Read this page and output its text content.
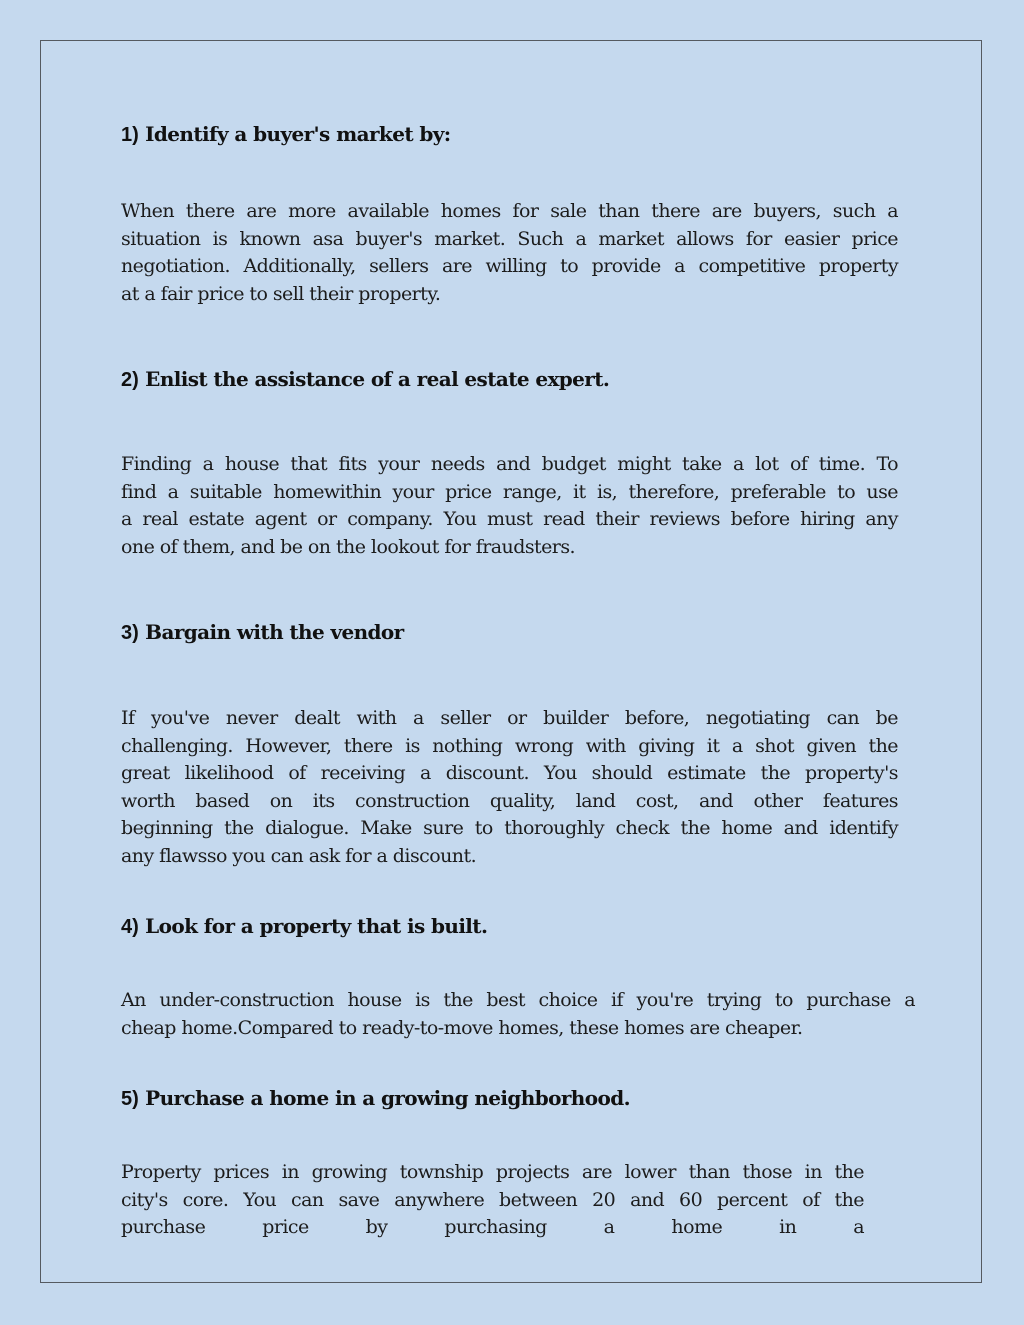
1) Identify a buyer's market by:
When there are more available homes for sale than there are buyers, such a
situation is known asa buyer's market. Such a market allows for easier price
negotiation. Additionally, sellers are willing to provide a competitive property
at a fair price to sell their property.
2) Enlist the assistance of a real estate expert.
Finding a house that fits your needs and budget might take a lot of time. To
find a suitable homewithin your price range, it is, therefore, preferable to use
a real estate agent or company. You must read their reviews before hiring any
one of them, and be on the lookout for fraudsters.
3) Bargain with the vendor
If you've never dealt with a seller or builder before, negotiating can be
challenging. However, there is nothing wrong with giving it a shot given the
great likelihood of receiving a discount. You should estimate the property's
worth based on its construction quality, land cost, and other features
beginning the dialogue. Make sure to thoroughly check the home and identify
any flawsso you can ask for a discount.
4) Look for a property that is built.
An under-construction house is the best choice if you're trying to purchase a
cheap home.Compared to ready-to-move homes, these homes are cheaper.
5) Purchase a home in a growing neighborhood.
Property prices in growing township projects are lower than those in the
city's core. You can save anywhere between 20 and 60 percent of the
purchase price by purchasing a home in a
